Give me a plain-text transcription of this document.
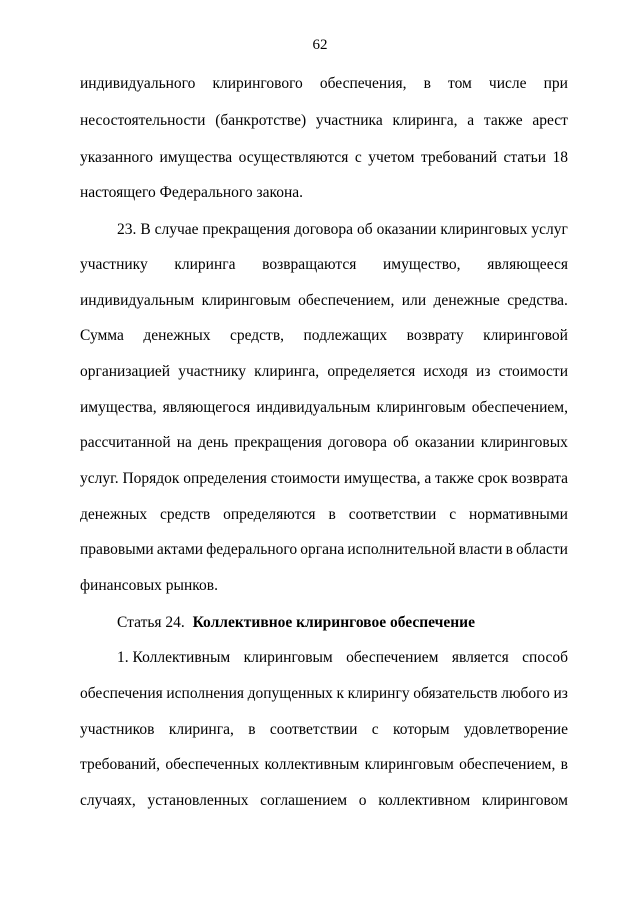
62
индивидуального клирингового обеспечения, в том числе при
несостоятельности (банкротстве) участника клиринга, а также арест
указанного имущества осуществляются с учетом требований статьи 18
настоящего Федерального закона.
23. В случае прекращения договора об оказании клиринговых услуг
участнику клиринга возвращаются имущество, являющееся
индивидуальным клиринговым обеспечением, или денежные средства.
Сумма денежных средств, подлежащих возврату клиринговой
организацией участнику клиринга, определяется исходя из стоимости
имущества, являющегося индивидуальным клиринговым обеспечением,
рассчитанной на день прекращения договора об оказании клиринговых
услуг. Порядок определения стоимости имущества, а также срок возврата
денежных средств определяются в соответствии с нормативными
правовыми актами федерального органа исполнительной власти в области
финансовых рынков.
Статья 24. Коллективное клиринговое обеспечение
1. Коллективным клиринговым обеспечением является способ
обеспечения исполнения допущенных к клирингу обязательств любого из
участников клиринга, в соответствии с которым удовлетворение
требований, обеспеченных коллективным клиринговым обеспечением, в
случаях, установленных соглашением о коллективном клиринговом
